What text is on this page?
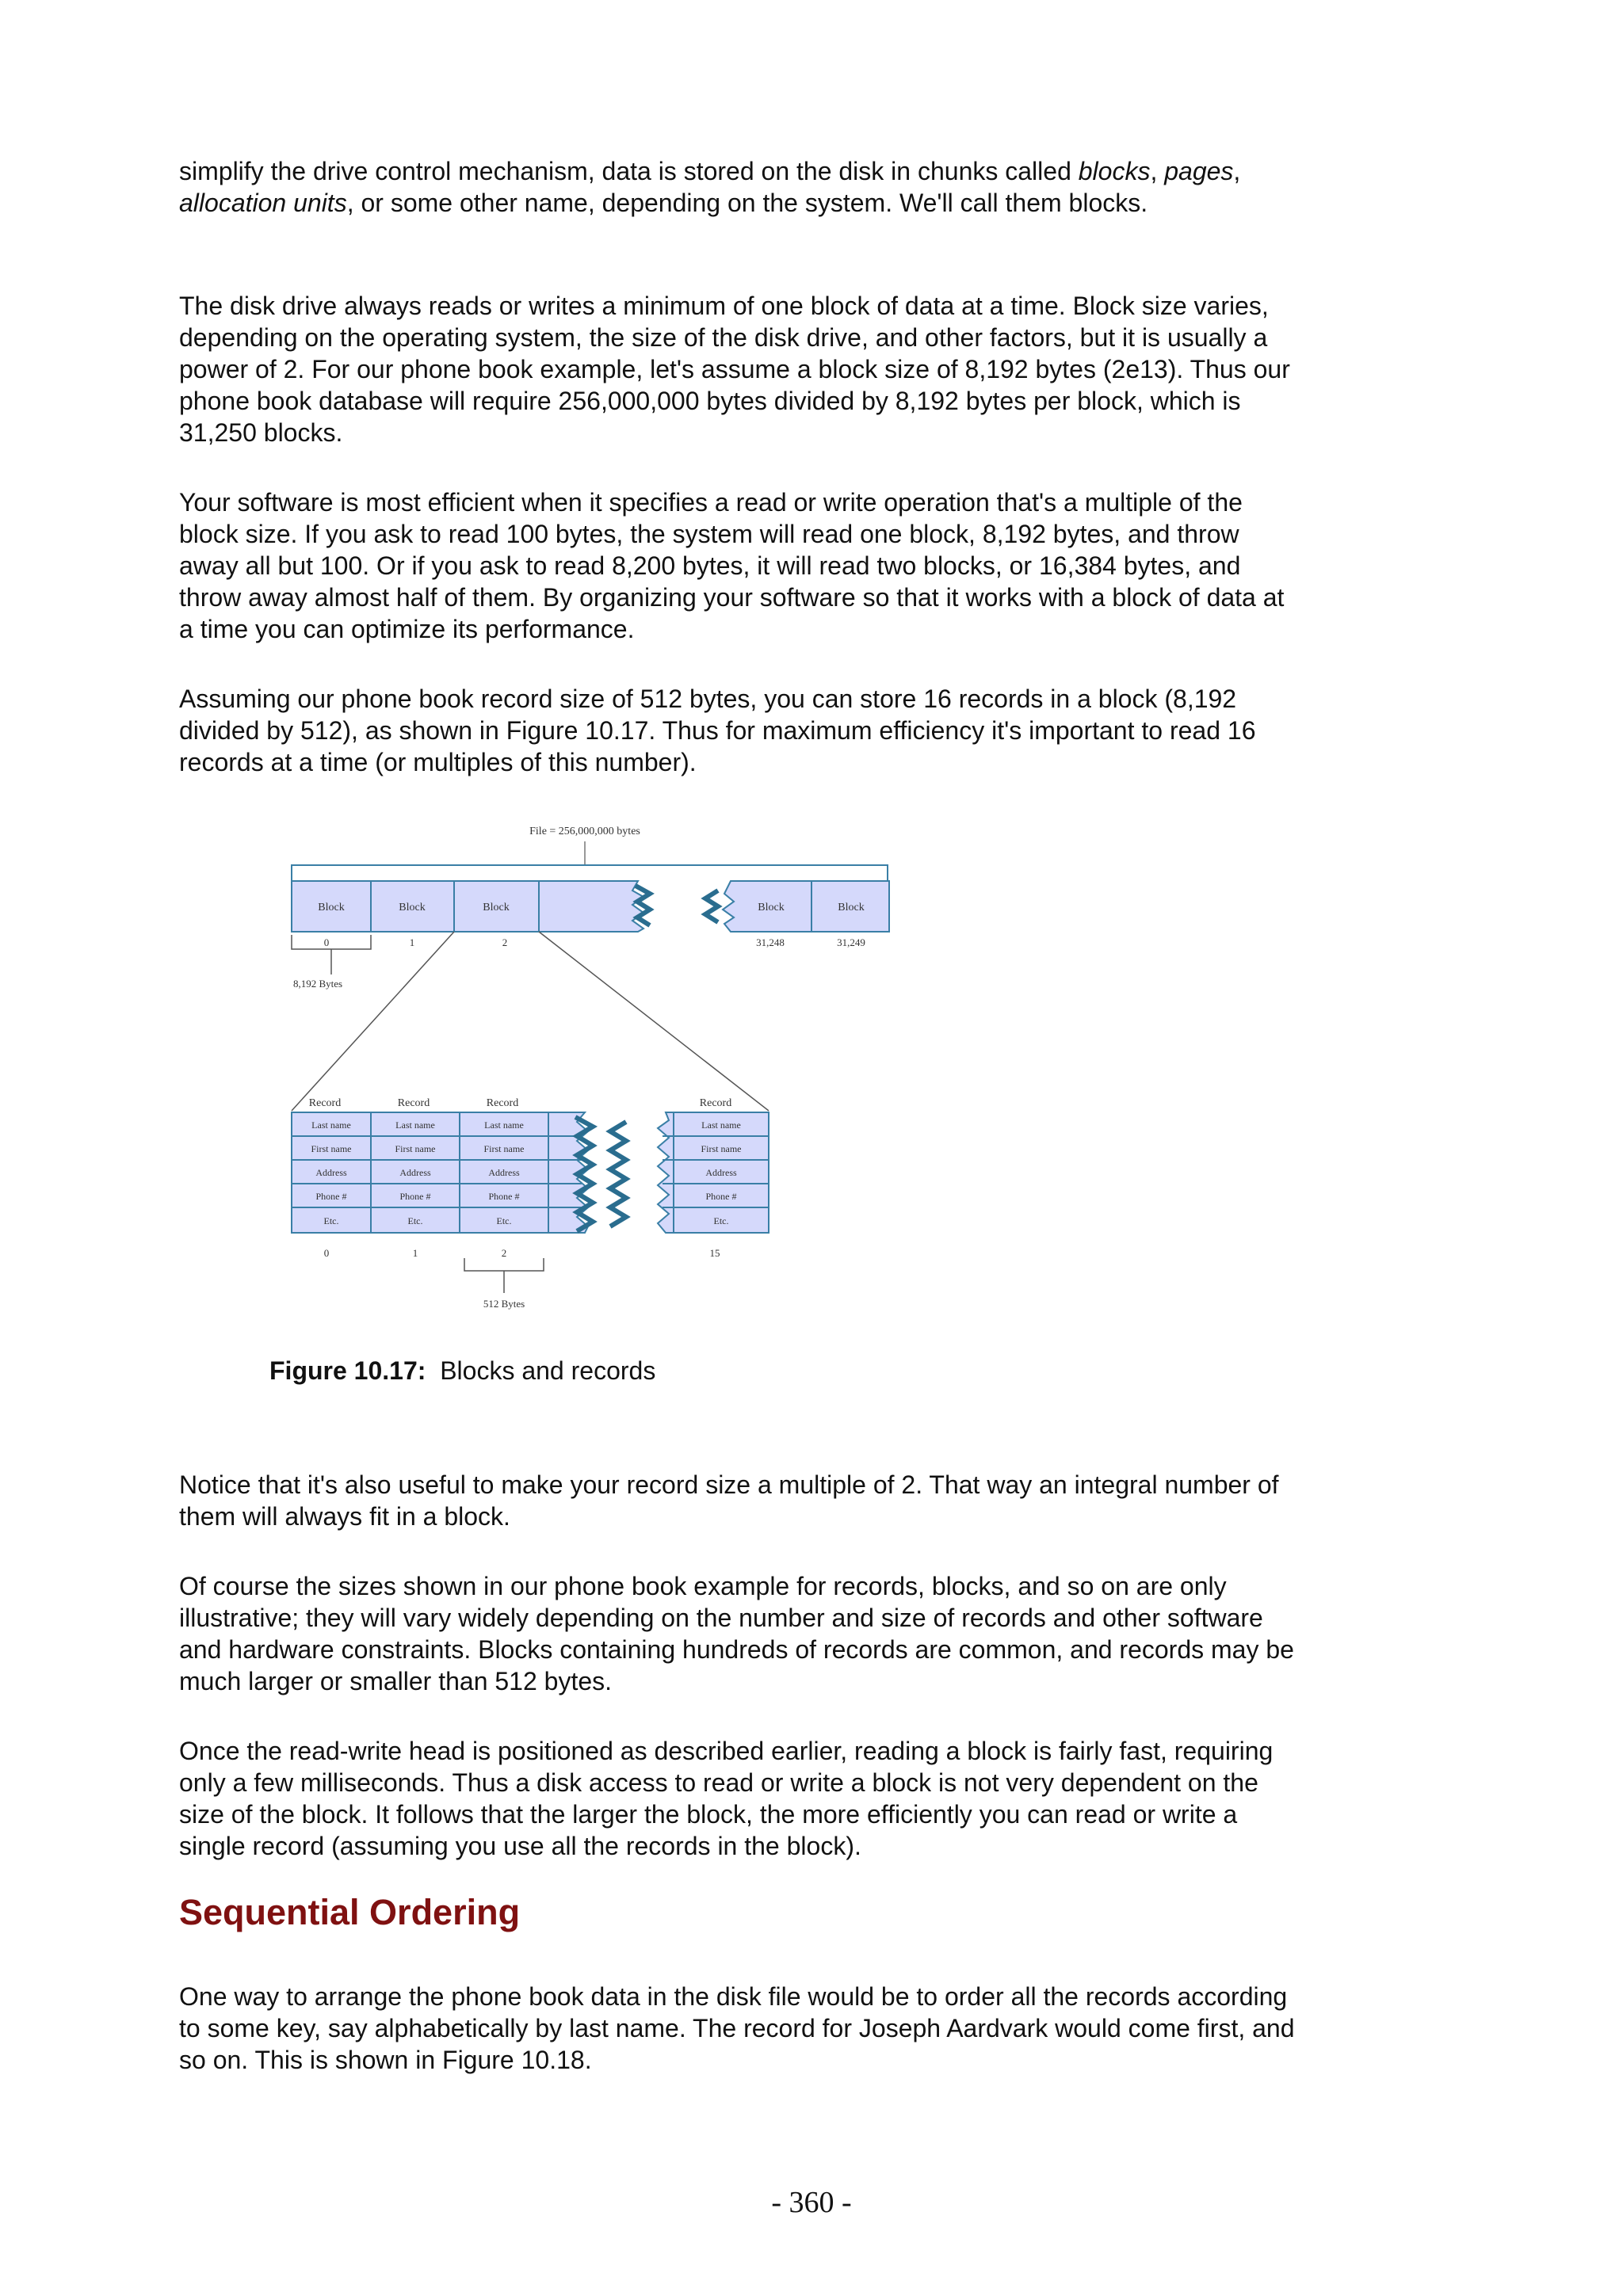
simplify the drive control mechanism, data is stored on the disk in chunks called blocks, pages, allocation units, or some other name, depending on the system. We'll call them blocks.

The disk drive always reads or writes a minimum of one block of data at a time. Block size varies, depending on the operating system, the size of the disk drive, and other factors, but it is usually a power of 2. For our phone book example, let's assume a block size of 8,192 bytes (2e13). Thus our phone book database will require 256,000,000 bytes divided by 8,192 bytes per block, which is 31,250 blocks.

Your software is most efficient when it specifies a read or write operation that's a multiple of the block size. If you ask to read 100 bytes, the system will read one block, 8,192 bytes, and throw away all but 100. Or if you ask to read 8,200 bytes, it will read two blocks, or 16,384 bytes, and throw away almost half of them. By organizing your software so that it works with a block of data at a time you can optimize its performance.

Assuming our phone book record size of 512 bytes, you can store 16 records in a block (8,192 divided by 512), as shown in Figure 10.17. Thus for maximum efficiency it's important to read 16 records at a time (or multiples of this number).

File = 256,000,000 bytes
Block	Block	Block	Block	Block
0	1	2	31,248	31,249
8,192 Bytes
Record	Record	Record	Record
Last name
First name
Address
Phone #
Etc.
Last name
First name
Address
Phone #
Etc.
Last name
First name
Address
Phone #
Etc.
Last name
First name
Address
Phone #
Etc.
0	1	2	15
512 Bytes
Figure 10.17: Blocks and records

Notice that it's also useful to make your record size a multiple of 2. That way an integral number of them will always fit in a block.

Of course the sizes shown in our phone book example for records, blocks, and so on are only illustrative; they will vary widely depending on the number and size of records and other software and hardware constraints. Blocks containing hundreds of records are common, and records may be much larger or smaller than 512 bytes.

Once the read-write head is positioned as described earlier, reading a block is fairly fast, requiring only a few milliseconds. Thus a disk access to read or write a block is not very dependent on the size of the block. It follows that the larger the block, the more efficiently you can read or write a single record (assuming you use all the records in the block).

Sequential Ordering

One way to arrange the phone book data in the disk file would be to order all the records according to some key, say alphabetically by last name. The record for Joseph Aardvark would come first, and so on. This is shown in Figure 10.18.

- 360 -
